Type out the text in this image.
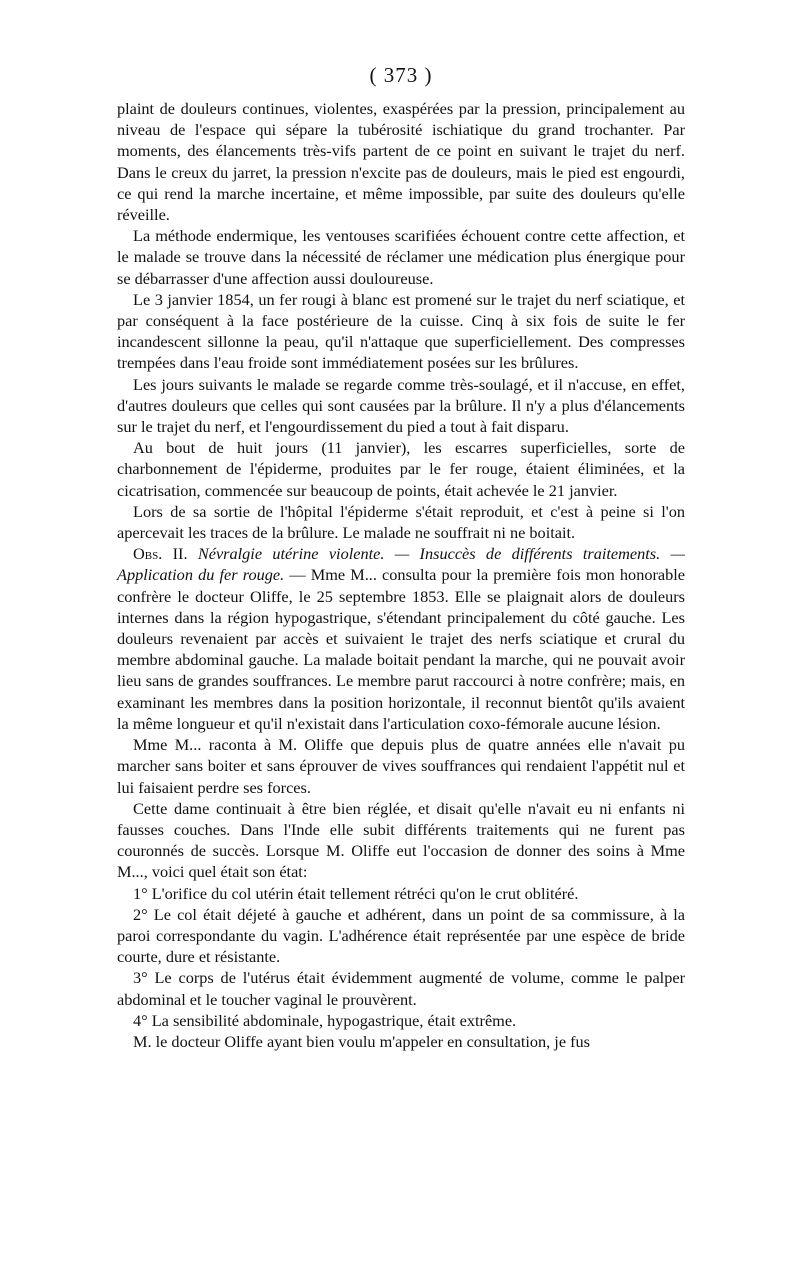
( 373 )

plaint de douleurs continues, violentes, exaspérées par la pression, principalement au niveau de l'espace qui sépare la tubérosité ischiatique du grand trochanter. Par moments, des élancements très-vifs partent de ce point en suivant le trajet du nerf. Dans le creux du jarret, la pression n'excite pas de douleurs, mais le pied est engourdi, ce qui rend la marche incertaine, et même impossible, par suite des douleurs qu'elle réveille.

La méthode endermique, les ventouses scarifiées échouent contre cette affection, et le malade se trouve dans la nécessité de réclamer une médication plus énergique pour se débarrasser d'une affection aussi douloureuse.

Le 3 janvier 1854, un fer rougi à blanc est promené sur le trajet du nerf sciatique, et par conséquent à la face postérieure de la cuisse. Cinq à six fois de suite le fer incandescent sillonne la peau, qu'il n'attaque que superficiellement. Des compresses trempées dans l'eau froide sont immédiatement posées sur les brûlures.

Les jours suivants le malade se regarde comme très-soulagé, et il n'accuse, en effet, d'autres douleurs que celles qui sont causées par la brûlure. Il n'y a plus d'élancements sur le trajet du nerf, et l'engourdissement du pied a tout à fait disparu.

Au bout de huit jours (11 janvier), les escarres superficielles, sorte de charbonnement de l'épiderme, produites par le fer rouge, étaient éliminées, et la cicatrisation, commencée sur beaucoup de points, était achevée le 21 janvier.

Lors de sa sortie de l'hôpital l'épiderme s'était reproduit, et c'est à peine si l'on apercevait les traces de la brûlure. Le malade ne souffrait ni ne boitait.

Obs. II. Névralgie utérine violente. — Insuccès de différents traitements. — Application du fer rouge. — Mme M... consulta pour la première fois mon honorable confrère le docteur Oliffe, le 25 septembre 1853. Elle se plaignait alors de douleurs internes dans la région hypogastrique, s'étendant principalement du côté gauche. Les douleurs revenaient par accès et suivaient le trajet des nerfs sciatique et crural du membre abdominal gauche. La malade boitait pendant la marche, qui ne pouvait avoir lieu sans de grandes souffrances. Le membre parut raccourci à notre confrère; mais, en examinant les membres dans la position horizontale, il reconnut bientôt qu'ils avaient la même longueur et qu'il n'existait dans l'articulation coxo-fémorale aucune lésion.

Mme M... raconta à M. Oliffe que depuis plus de quatre années elle n'avait pu marcher sans boiter et sans éprouver de vives souffrances qui rendaient l'appétit nul et lui faisaient perdre ses forces.

Cette dame continuait à être bien réglée, et disait qu'elle n'avait eu ni enfants ni fausses couches. Dans l'Inde elle subit différents traitements qui ne furent pas couronnés de succès. Lorsque M. Oliffe eut l'occasion de donner des soins à Mme M..., voici quel était son état:

1° L'orifice du col utérin était tellement rétréci qu'on le crut oblitéré.

2° Le col était déjeté à gauche et adhérent, dans un point de sa commissure, à la paroi correspondante du vagin. L'adhérence était représentée par une espèce de bride courte, dure et résistante.

3° Le corps de l'utérus était évidemment augmenté de volume, comme le palper abdominal et le toucher vaginal le prouvèrent.

4° La sensibilité abdominale, hypogastrique, était extrême.

M. le docteur Oliffe ayant bien voulu m'appeler en consultation, je fus
